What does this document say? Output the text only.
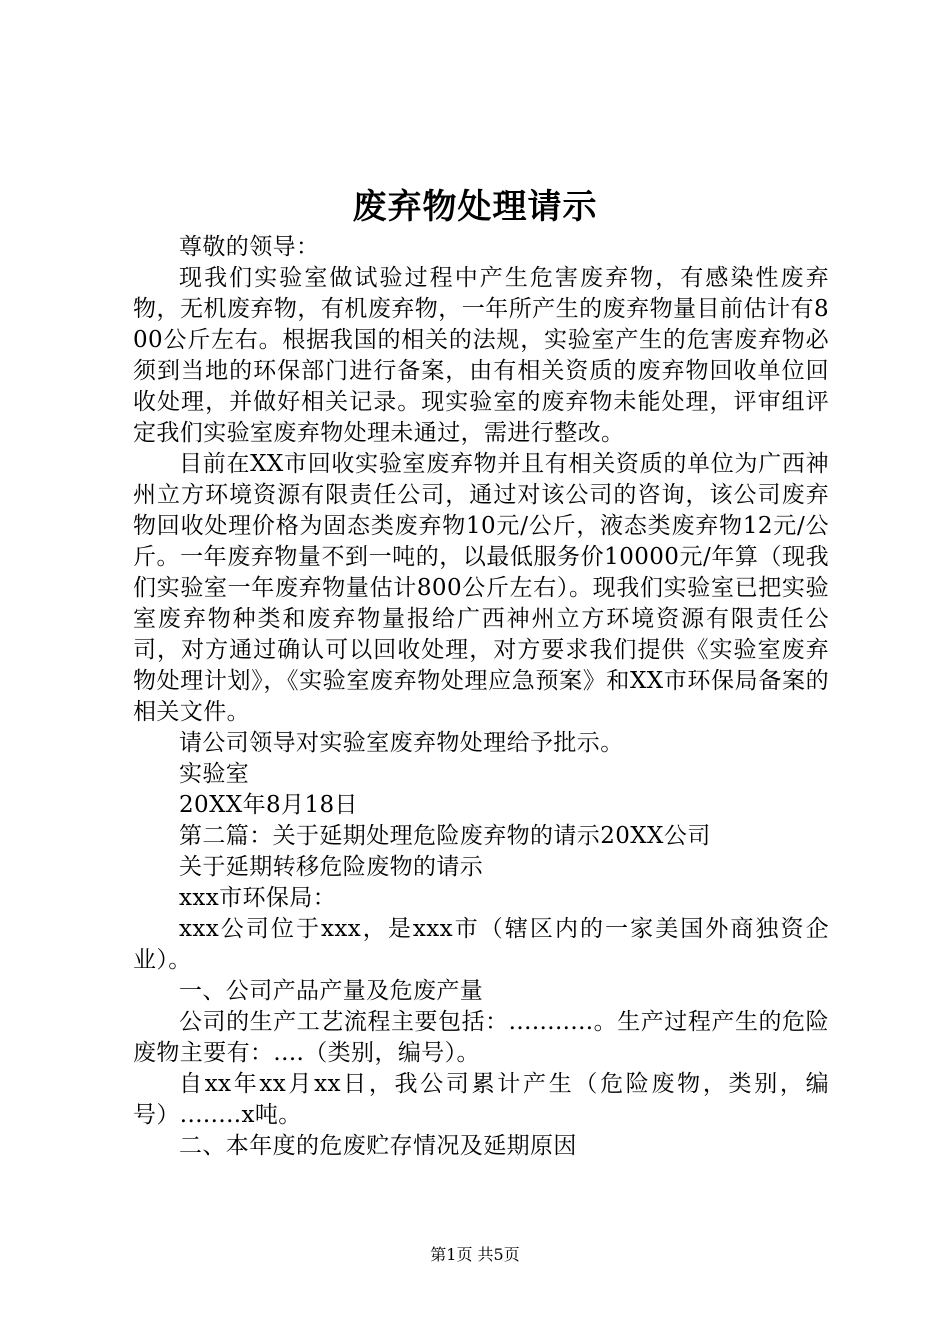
废弃物处理请示

尊敬的领导：

现我们实验室做试验过程中产生危害废弃物，有感染性废弃物，无机废弃物，有机废弃物，一年所产生的废弃物量目前估计有800公斤左右。根据我国的相关的法规，实验室产生的危害废弃物必须到当地的环保部门进行备案，由有相关资质的废弃物回收单位回收处理，并做好相关记录。现实验室的废弃物未能处理，评审组评定我们实验室废弃物处理未通过，需进行整改。

目前在XX市回收实验室废弃物并且有相关资质的单位为广西神州立方环境资源有限责任公司，通过对该公司的咨询，该公司废弃物回收处理价格为固态类废弃物10元/公斤，液态类废弃物12元/公斤。一年废弃物量不到一吨的，以最低服务价10000元/年算（现我们实验室一年废弃物量估计800公斤左右）。现我们实验室已把实验室废弃物种类和废弃物量报给广西神州立方环境资源有限责任公司，对方通过确认可以回收处理，对方要求我们提供《实验室废弃物处理计划》，《实验室废弃物处理应急预案》和XX市环保局备案的相关文件。

请公司领导对实验室废弃物处理给予批示。

实验室

20XX年8月18日

第二篇：关于延期处理危险废弃物的请示20XX公司

关于延期转移危险废物的请示

xxx市环保局：

xxx公司位于xxx，是xxx市（辖区内的一家美国外商独资企业）。

一、公司产品产量及危废产量

公司的生产工艺流程主要包括：...........。生产过程产生的危险废物主要有：....（类别，编号）。

自xx年xx月xx日，我公司累计产生（危险废物，类别，编号）........x吨。

二、本年度的危废贮存情况及延期原因

第1页 共5页
